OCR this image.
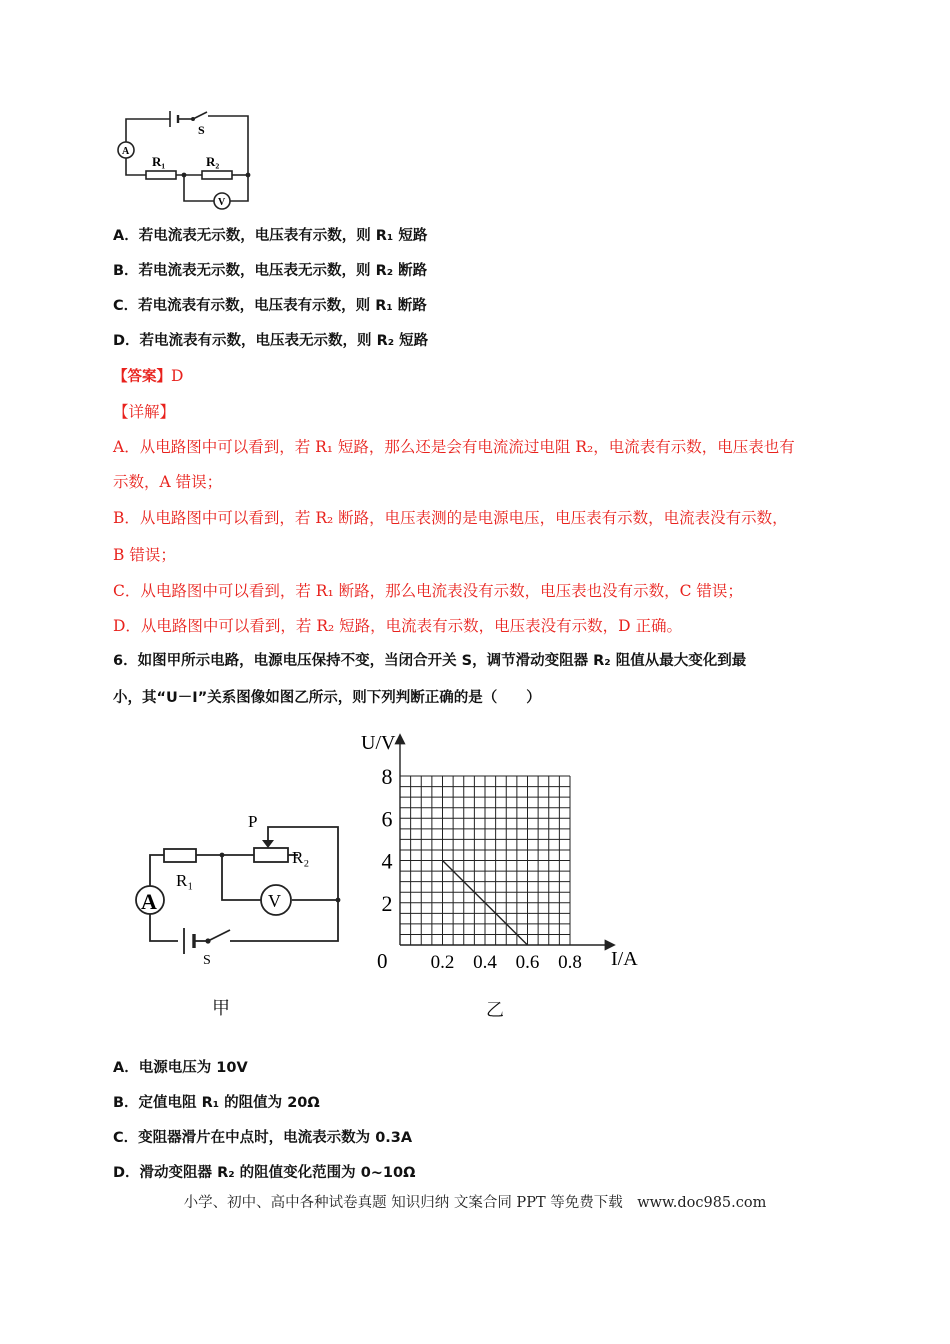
A
V
R₁	R₂
S
A．若电流表无示数，电压表有示数，则 R₁ 短路
B．若电流表无示数，电压表无示数，则 R₂ 断路
C．若电流表有示数，电压表有示数，则 R₁ 断路
D．若电流表有示数，电压表无示数，则 R₂ 短路
【答案】D
【详解】
A．从电路图中可以看到，若 R₁ 短路，那么还是会有电流流过电阻 R₂，电流表有示数，电压表也有
示数，A 错误；
B．从电路图中可以看到，若 R₂ 断路，电压表测的是电源电压，电压表有示数，电流表没有示数，
B 错误；
C．从电路图中可以看到，若 R₁ 断路，那么电流表没有示数，电压表也没有示数，C 错误；
D．从电路图中可以看到，若 R₂ 短路，电流表有示数，电压表没有示数，D 正确。
6．如图甲所示电路，电源电压保持不变，当闭合开关 S，调节滑动变阻器 R₂ 阻值从最大变化到最
小，其“U－I”关系图像如图乙所示，则下列判断正确的是（　　）
P
R₂
R₁
A	V
S
甲
0.2 0.4 0.6 0.8
2
4
6
8
U/V
I/A
0
乙
A．电源电压为 10V
B．定值电阻 R₁ 的阻值为 20Ω
C．变阻器滑片在中点时，电流表示数为 0.3A
D．滑动变阻器 R₂ 的阻值变化范围为 0~10Ω
小学、初中、高中各种试卷真题 知识归纳 文案合同 PPT 等免费下载　www.doc985.com
